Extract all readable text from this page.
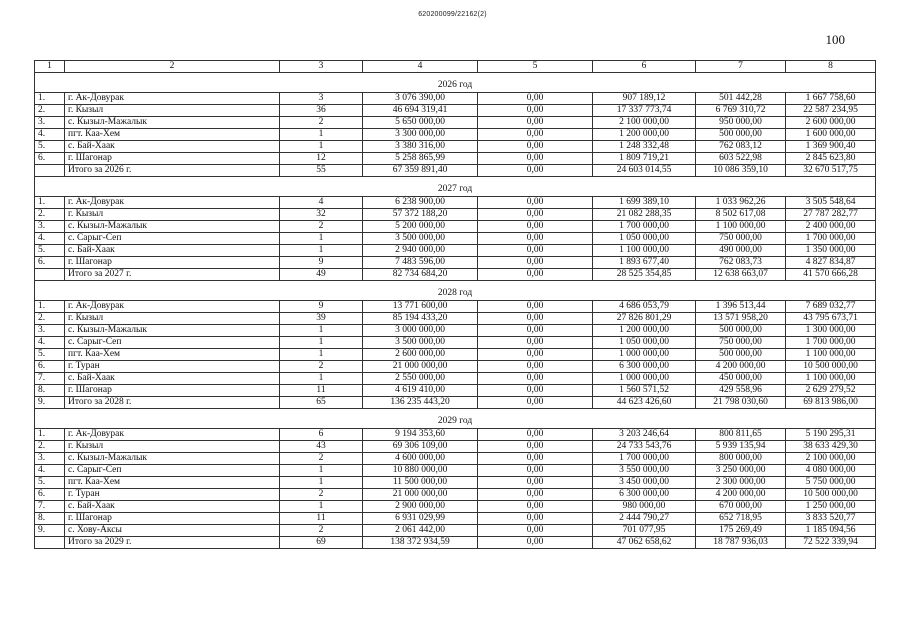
620200099/22162(2)
100
1	2	3	4	5	6	7	8
2026 год							
1.	г. Ак-Довурак	3	3 076 390,00	0,00	907 189,12	501 442,28	1 667 758,60
2.	г. Кызыл	36	46 694 319,41	0,00	17 337 773,74	6 769 310,72	22 587 234,95
3.	с. Кызыл-Мажалык	2	5 650 000,00	0,00	2 100 000,00	950 000,00	2 600 000,00
4.	пгт. Каа-Хем	1	3 300 000,00	0,00	1 200 000,00	500 000,00	1 600 000,00
5.	с. Бай-Хаак	1	3 380 316,00	0,00	1 248 332,48	762 083,12	1 369 900,40
6.	г. Шагонар	12	5 258 865,99	0,00	1 809 719,21	603 522,98	2 845 623,80
	Итого за 2026 г.	55	67 359 891,40	0,00	24 603 014,55	10 086 359,10	32 670 517,75
2027 год							
1.	г. Ак-Довурак	4	6 238 900,00	0,00	1 699 389,10	1 033 962,26	3 505 548,64
2.	г. Кызыл	32	57 372 188,20	0,00	21 082 288,35	8 502 617,08	27 787 282,77
3.	с. Кызыл-Мажалык	2	5 200 000,00	0,00	1 700 000,00	1 100 000,00	2 400 000,00
4.	с. Сарыг-Сеп	1	3 500 000,00	0,00	1 050 000,00	750 000,00	1 700 000,00
5.	с. Бай-Хаак	1	2 940 000,00	0,00	1 100 000,00	490 000,00	1 350 000,00
6.	г. Шагонар	9	7 483 596,00	0,00	1 893 677,40	762 083,73	4 827 834,87
	Итого за 2027 г.	49	82 734 684,20	0,00	28 525 354,85	12 638 663,07	41 570 666,28
2028 год							
1.	г. Ак-Довурак	9	13 771 600,00	0,00	4 686 053,79	1 396 513,44	7 689 032,77
2.	г. Кызыл	39	85 194 433,20	0,00	27 826 801,29	13 571 958,20	43 795 673,71
3.	с. Кызыл-Мажалык	1	3 000 000,00	0,00	1 200 000,00	500 000,00	1 300 000,00
4.	с. Сарыг-Сеп	1	3 500 000,00	0,00	1 050 000,00	750 000,00	1 700 000,00
5.	пгт. Каа-Хем	1	2 600 000,00	0,00	1 000 000,00	500 000,00	1 100 000,00
6.	г. Туран	2	21 000 000,00	0,00	6 300 000,00	4 200 000,00	10 500 000,00
7.	с. Бай-Хаак	1	2 550 000,00	0,00	1 000 000,00	450 000,00	1 100 000,00
8.	г. Шагонар	11	4 619 410,00	0,00	1 560 571,52	429 558,96	2 629 279,52
9.	Итого за 2028 г.	65	136 235 443,20	0,00	44 623 426,60	21 798 030,60	69 813 986,00
2029 год							
1.	г. Ак-Довурак	6	9 194 353,60	0,00	3 203 246,64	800 811,65	5 190 295,31
2.	г. Кызыл	43	69 306 109,00	0,00	24 733 543,76	5 939 135,94	38 633 429,30
3.	с. Кызыл-Мажалык	2	4 600 000,00	0,00	1 700 000,00	800 000,00	2 100 000,00
4.	с. Сарыг-Сеп	1	10 880 000,00	0,00	3 550 000,00	3 250 000,00	4 080 000,00
5.	пгт. Каа-Хем	1	11 500 000,00	0,00	3 450 000,00	2 300 000,00	5 750 000,00
6.	г. Туран	2	21 000 000,00	0,00	6 300 000,00	4 200 000,00	10 500 000,00
7.	с. Бай-Хаак	1	2 900 000,00	0,00	980 000,00	670 000,00	1 250 000,00
8.	г. Шагонар	11	6 931 029,99	0,00	2 444 790,27	652 718,95	3 833 520,77
9.	с. Хову-Аксы	2	2 061 442,00	0,00	701 077,95	175 269,49	1 185 094,56
	Итого за 2029 г.	69	138 372 934,59	0,00	47 062 658,62	18 787 936,03	72 522 339,94
